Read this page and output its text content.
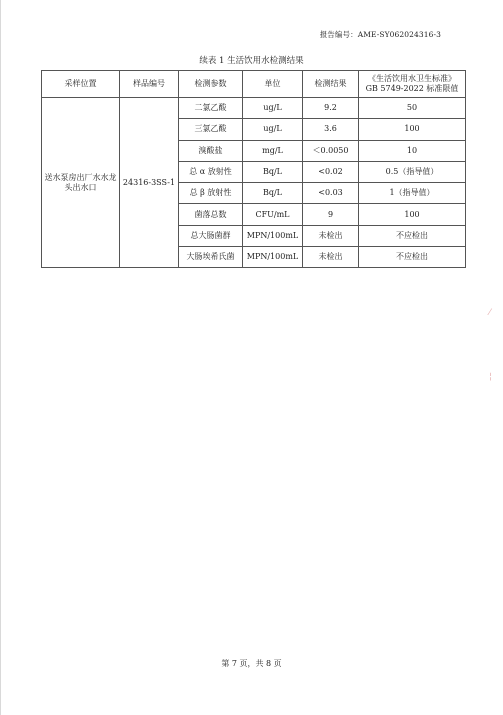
报告编号：AME-SY062024316-3
续表 1 生活饮用水检测结果
采样位置	样品编号	检测参数	单位	检测结果	《生活饮用水卫生标准》
GB 5749-2022 标准限值

送水泵房出厂水水龙头出水口	24316-3SS-1	二氯乙酸	ug/L	9.2	50
		三氯乙酸	ug/L	3.6	100
		溴酸盐	mg/L	＜0.0050	10
		总 α 放射性	Bq/L	<0.02	0.5（指导值）
		总 β 放射性	Bq/L	<0.03	1（指导值）
		菌落总数	CFU/mL	9	100
		总大肠菌群	MPN/100mL	未检出	不应检出
		大肠埃希氏菌	MPN/100mL	未检出	不应检出
⁄
¦
第 7 页，共 8 页
